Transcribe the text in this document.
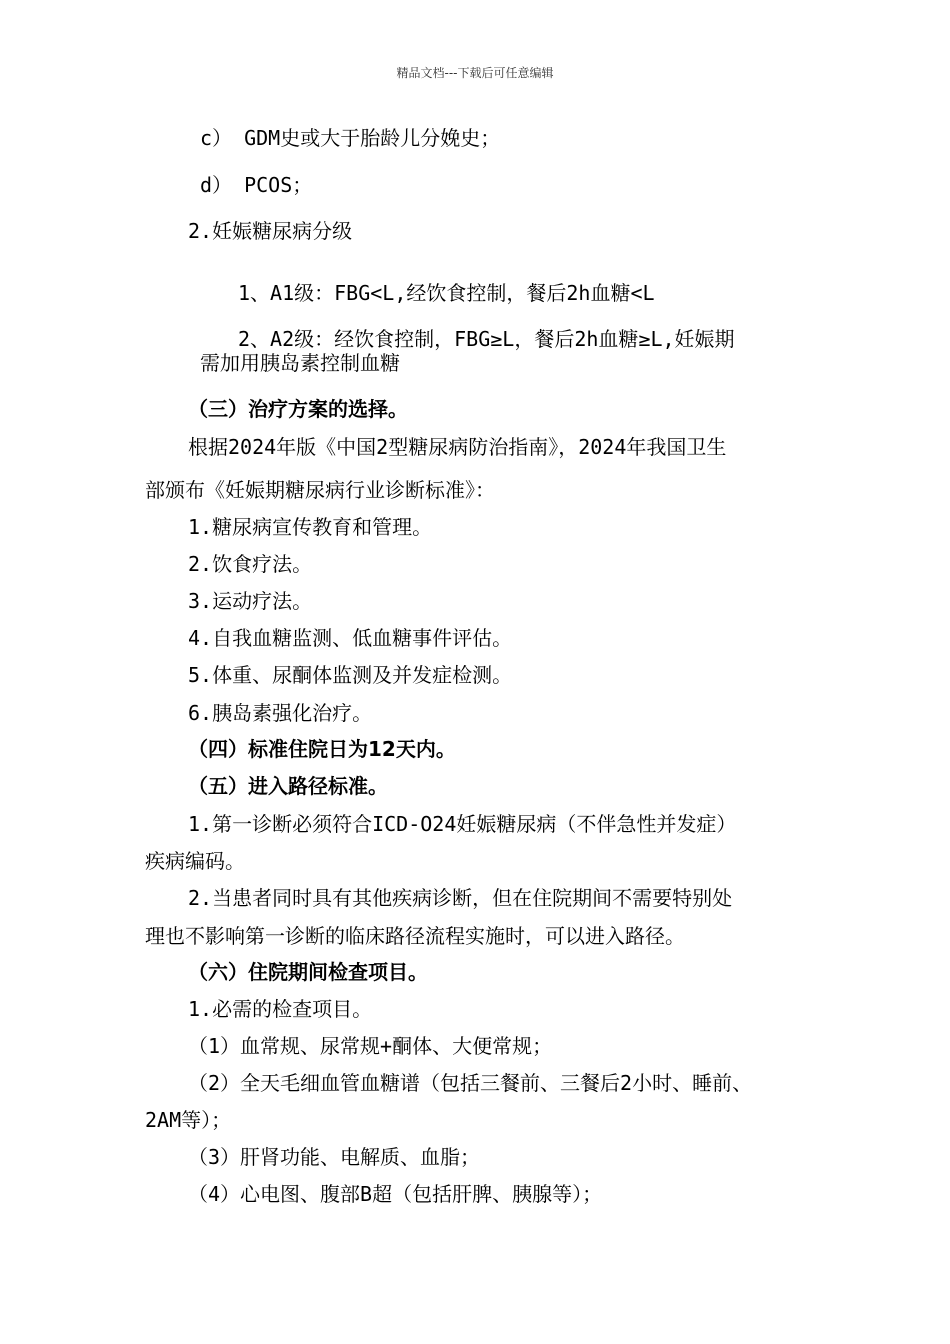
精品文档---下载后可任意编辑
c） GDM史或大于胎龄儿分娩史；
d） PCOS；
2.妊娠糖尿病分级
1、A1级：FBG<L,经饮食控制，餐后2h血糖<L
2、A2级：经饮食控制，FBG≥L，餐后2h血糖≥L,妊娠期
需加用胰岛素控制血糖
（三）治疗方案的选择。
根据2024年版《中国2型糖尿病防治指南》，2024年我国卫生
部颁布《妊娠期糖尿病行业诊断标准》：
1.糖尿病宣传教育和管理。
2.饮食疗法。
3.运动疗法。
4.自我血糖监测、低血糖事件评估。
5.体重、尿酮体监测及并发症检测。
6.胰岛素强化治疗。
（四）标准住院日为12天内。
（五）进入路径标准。
1.第一诊断必须符合ICD-O24妊娠糖尿病（不伴急性并发症）
疾病编码。
2.当患者同时具有其他疾病诊断，但在住院期间不需要特别处
理也不影响第一诊断的临床路径流程实施时，可以进入路径。
（六）住院期间检查项目。
1.必需的检查项目。
（1）血常规、尿常规+酮体、大便常规；
（2）全天毛细血管血糖谱（包括三餐前、三餐后2小时、睡前、
2AM等）；
（3）肝肾功能、电解质、血脂；
（4）心电图、腹部B超（包括肝脾、胰腺等）；
